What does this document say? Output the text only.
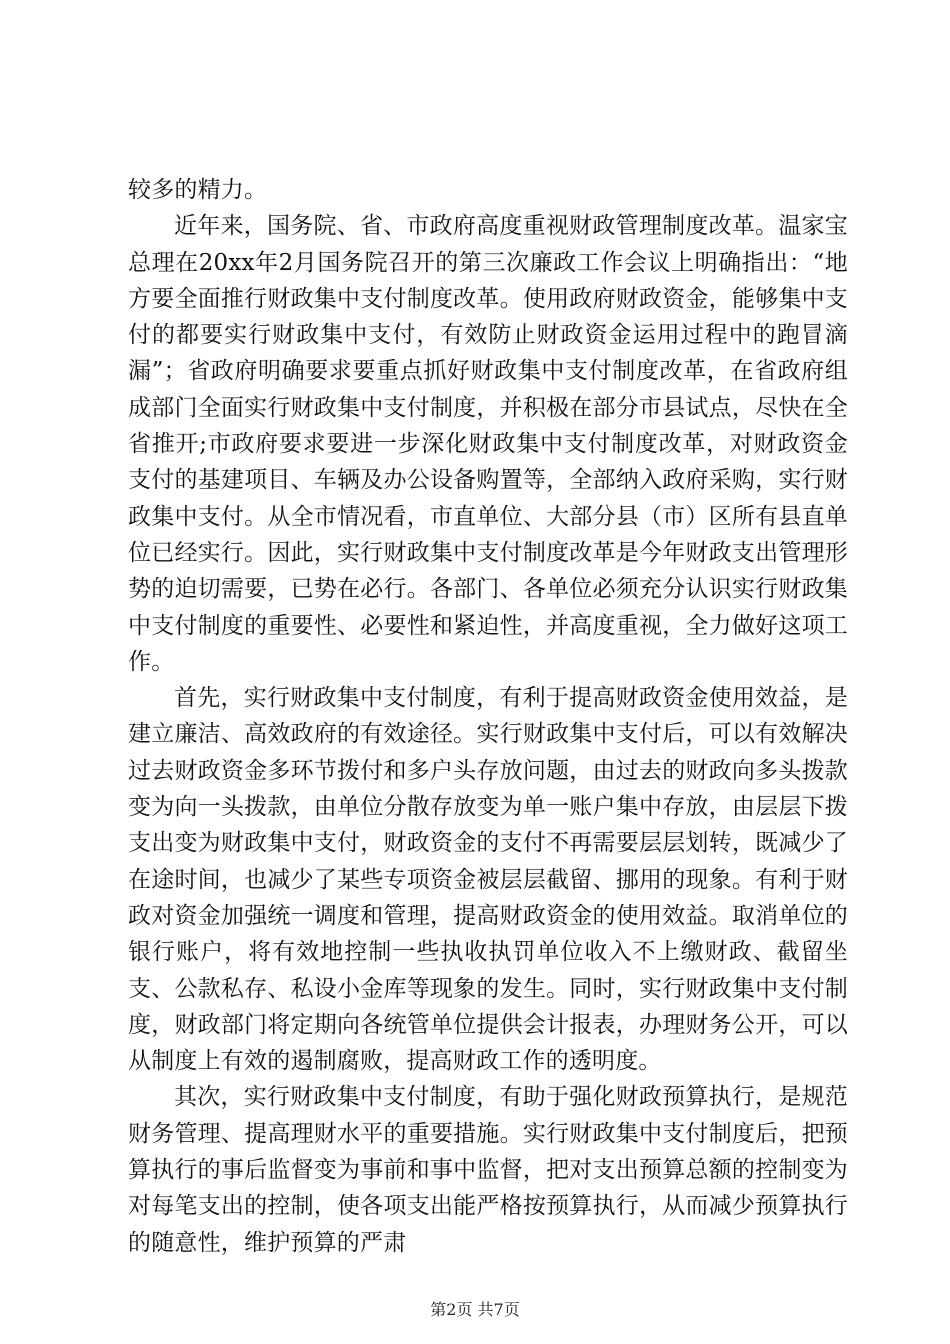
较多的精力。

近年来，国务院、省、市政府高度重视财政管理制度改革。温家宝总理在20xx年2月国务院召开的第三次廉政工作会议上明确指出：“地方要全面推行财政集中支付制度改革。使用政府财政资金，能够集中支付的都要实行财政集中支付，有效防止财政资金运用过程中的跑冒滴漏”；省政府明确要求要重点抓好财政集中支付制度改革，在省政府组成部门全面实行财政集中支付制度，并积极在部分市县试点，尽快在全省推开;市政府要求要进一步深化财政集中支付制度改革，对财政资金支付的基建项目、车辆及办公设备购置等，全部纳入政府采购，实行财政集中支付。从全市情况看，市直单位、大部分县（市）区所有县直单位已经实行。因此，实行财政集中支付制度改革是今年财政支出管理形势的迫切需要，已势在必行。各部门、各单位必须充分认识实行财政集中支付制度的重要性、必要性和紧迫性，并高度重视，全力做好这项工作。

首先，实行财政集中支付制度，有利于提高财政资金使用效益，是建立廉洁、高效政府的有效途径。实行财政集中支付后，可以有效解决过去财政资金多环节拨付和多户头存放问题，由过去的财政向多头拨款变为向一头拨款，由单位分散存放变为单一账户集中存放，由层层下拨支出变为财政集中支付，财政资金的支付不再需要层层划转，既减少了在途时间，也减少了某些专项资金被层层截留、挪用的现象。有利于财政对资金加强统一调度和管理，提高财政资金的使用效益。取消单位的银行账户，将有效地控制一些执收执罚单位收入不上缴财政、截留坐支、公款私存、私设小金库等现象的发生。同时，实行财政集中支付制度，财政部门将定期向各统管单位提供会计报表，办理财务公开，可以从制度上有效的遏制腐败，提高财政工作的透明度。

其次，实行财政集中支付制度，有助于强化财政预算执行，是规范财务管理、提高理财水平的重要措施。实行财政集中支付制度后，把预算执行的事后监督变为事前和事中监督，把对支出预算总额的控制变为对每笔支出的控制，使各项支出能严格按预算执行，从而减少预算执行的随意性，维护预算的严肃

第2页 共7页
